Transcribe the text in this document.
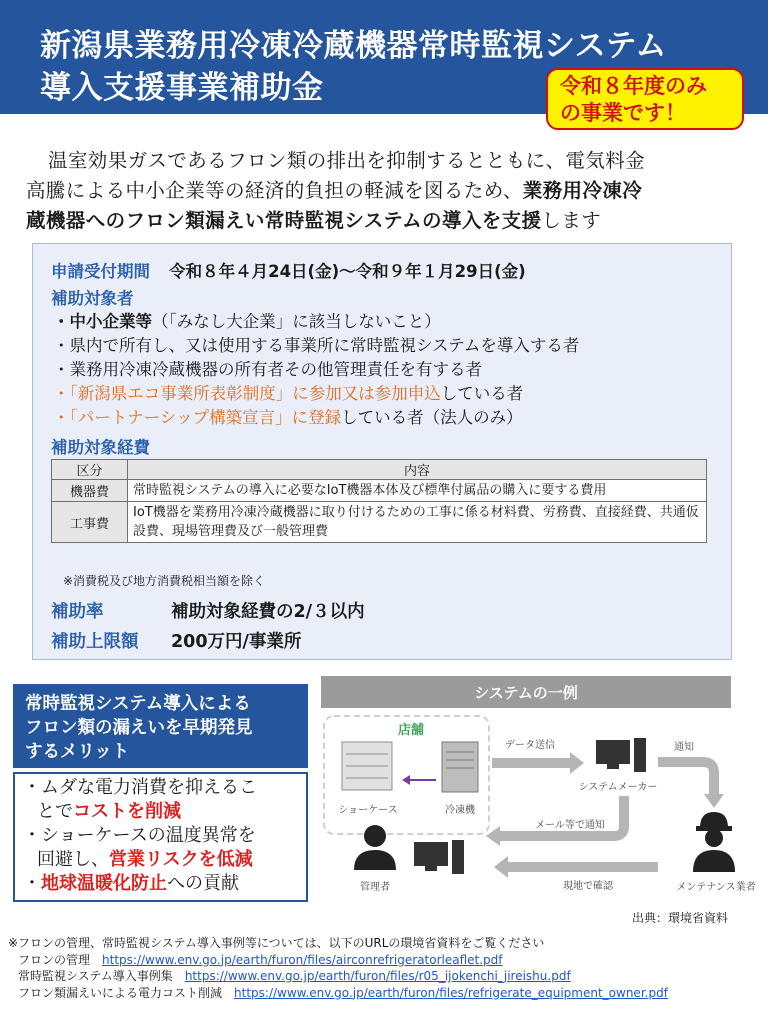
新潟県業務用冷凍冷蔵機器常時監視システム
導入支援事業補助金	令和８年度のみ
の事業です！
温室効果ガスであるフロン類の排出を抑制するとともに、電気料金
高騰による中小企業等の経済的負担の軽減を図るため、業務用冷凍冷
蔵機器へのフロン類漏えい常時監視システムの導入を支援します
申請受付期間 令和８年４月24日(金)～令和９年１月29日(金)
補助対象者
・中小企業等（「みなし大企業」に該当しないこと）
・県内で所有し、又は使用する事業所に常時監視システムを導入する者
・業務用冷凍冷蔵機器の所有者その他管理責任を有する者
・「新潟県エコ事業所表彰制度」に参加又は参加申込している者
・「パートナーシップ構築宣言」に登録している者（法人のみ）
補助対象経費
区分	内容
機器費	常時監視システムの導入に必要なIoT機器本体及び標準付属品の購入に要する費用
工事費	IoT機器を業務用冷凍冷蔵機器に取り付けるための工事に係る材料費、労務費、直接経費、共通仮設費、現場管理費及び一般管理費
※消費税及び地方消費税相当額を除く
補助率	補助対象経費の2/３以内
補助上限額 200万円/事業所
常時監視システム導入による
フロン類の漏えいを早期発見
するメリット
・ムダな電力消費を抑えるこ
とでコストを削減
・ショーケースの温度異常を
回避し、営業リスクを低減
・地球温暖化防止への貢献
システムの一例
店舗
ショーケース	冷凍機
データ送信
システムメーカー
通知
メール等で通知
管理者	現地で確認	メンテナンス業者
出典：環境省資料
※フロンの管理、常時監視システム導入事例等については、以下のURLの環境省資料をご覧ください
フロンの管理　 https://www.env.go.jp/earth/furon/files/airconrefrigeratorleaflet.pdf
常時監視システム導入事例集　 https://www.env.go.jp/earth/furon/files/r05_ijokenchi_jireishu.pdf
フロン類漏えいによる電力コスト削減　 https://www.env.go.jp/earth/furon/files/refrigerate_equipment_owner.pdf
